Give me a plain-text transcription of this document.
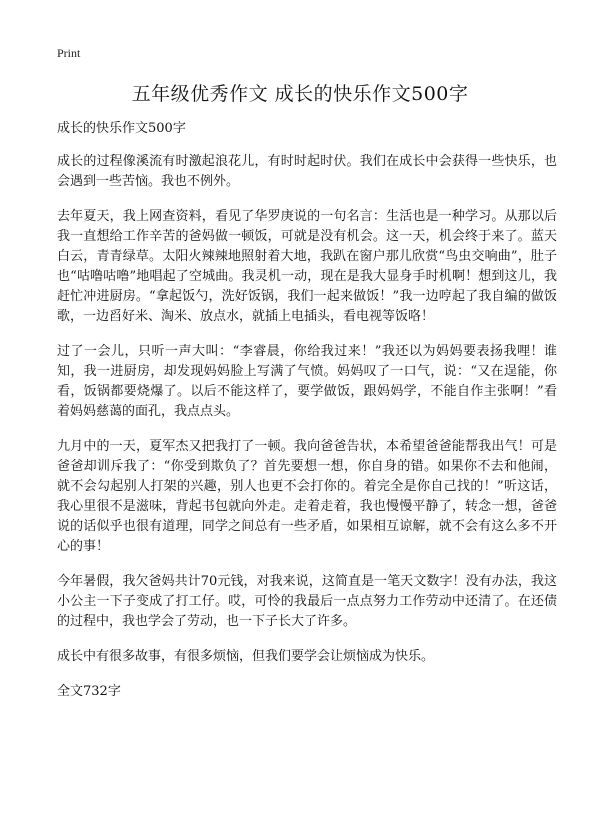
Print
五年级优秀作文 成长的快乐作文500字

成长的快乐作文500字

成长的过程像溪流有时激起浪花儿，有时时起时伏。我们在成长中会获得一些快乐，也会遇到一些苦恼。我也不例外。

去年夏天，我上网查资料，看见了华罗庚说的一句名言：生活也是一种学习。从那以后我一直想给工作辛苦的爸妈做一顿饭，可就是没有机会。这一天，机会终于来了。蓝天白云，青青绿草。太阳火辣辣地照射着大地，我趴在窗户那儿欣赏“鸟虫交响曲”，肚子也“咕噜咕噜”地唱起了空城曲。我灵机一动，现在是我大显身手时机啊！想到这儿，我赶忙冲进厨房。“拿起饭勺，洗好饭锅，我们一起来做饭！”我一边哼起了我自编的做饭歌，一边舀好米、淘米、放点水，就插上电插头，看电视等饭咯！

过了一会儿，只听一声大叫：“李睿晨，你给我过来！”我还以为妈妈要表扬我哩！谁知，我一进厨房，却发现妈妈脸上写满了气愤。妈妈叹了一口气，说：“又在逞能，你看，饭锅都要烧爆了。以后不能这样了，要学做饭，跟妈妈学，不能自作主张啊！”看着妈妈慈蔼的面孔，我点点头。

九月中的一天，夏军杰又把我打了一顿。我向爸爸告状，本希望爸爸能帮我出气！可是爸爸却训斥我了：“你受到欺负了？首先要想一想，你自身的错。如果你不去和他闹，就不会勾起别人打架的兴趣，别人也更不会打你的。着完全是你自己找的！”听这话，我心里很不是滋味，背起书包就向外走。走着走着，我也慢慢平静了，转念一想，爸爸说的话似乎也很有道理，同学之间总有一些矛盾，如果相互谅解，就不会有这么多不开心的事！

今年暑假，我欠爸妈共计70元钱，对我来说，这简直是一笔天文数字！没有办法，我这小公主一下子变成了打工仔。哎，可怜的我最后一点点努力工作劳动中还清了。在还债的过程中，我也学会了劳动，也一下子长大了许多。

成长中有很多故事，有很多烦恼，但我们要学会让烦恼成为快乐。

全文732字
